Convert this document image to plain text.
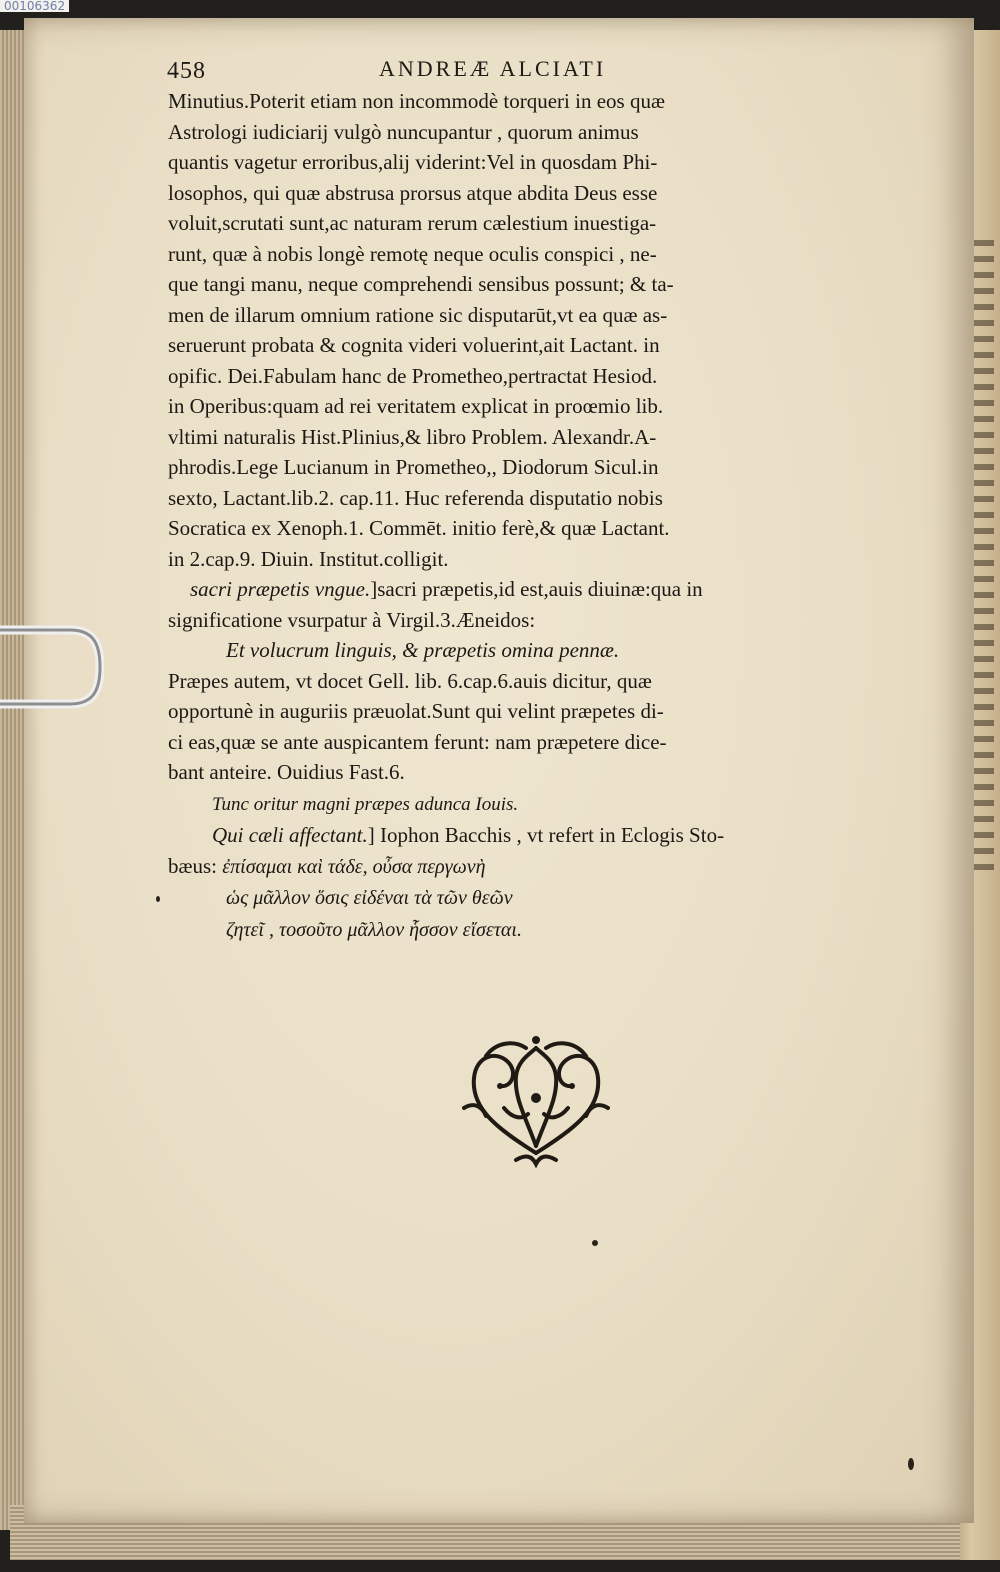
00106362
458	ANDREÆ ALCIATI

Minutius.Poterit etiam non incommodè torqueri in eos quæ

Astrologi iudiciarij vulgò nuncupantur , quorum animus

quantis vagetur erroribus,alij viderint:Vel in quosdam Phi-

losophos, qui quæ abstrusa prorsus atque abdita Deus esse

voluit,scrutati sunt,ac naturam rerum cælestium inuestiga-

runt, quæ à nobis longè remotę neque oculis conspici , ne-

que tangi manu, neque comprehendi sensibus possunt; & ta-

men de illarum omnium ratione sic disputarūt,vt ea quæ as-

seruerunt probata & cognita videri voluerint,ait Lactant. in

opific. Dei.Fabulam hanc de Prometheo,pertractat Hesiod.

in Operibus:quam ad rei veritatem explicat in proœmio lib.

vltimi naturalis Hist.Plinius,& libro Problem. Alexandr.A-

phrodis.Lege Lucianum in Prometheo,, Diodorum Sicul.in

sexto, Lactant.lib.2. cap.11. Huc referenda disputatio nobis

Socratica ex Xenoph.1. Commēt. initio ferè,& quæ Lactant.

in 2.cap.9. Diuin. Institut.colligit.

sacri præpetis vngue.]sacri præpetis,id est,auis diuinæ:qua in

significatione vsurpatur à Virgil.3.Æneidos:

Et volucrum linguis, & præpetis omina pennæ.

Præpes autem, vt docet Gell. lib. 6.cap.6.auis dicitur, quæ

opportunè in auguriis præuolat.Sunt qui velint præpetes di-

ci eas,quæ se ante auspicantem ferunt: nam præpetere dice-

bant anteire. Ouidius Fast.6.

Tunc oritur magni præpes adunca Iouis.

Qui cæli affectant.] Iophon Bacchis , vt refert in Eclogis Sto-

bæus: ἐπίσαμαι καὶ τάδε, οὖσα περγωνὴ

ὡς μᾶλλον ὅσις εἰδέναι τὰ τῶν θεῶν

ζητεῖ , τοσοῦτο μᾶλλον ἧσσον εἴσεται.
